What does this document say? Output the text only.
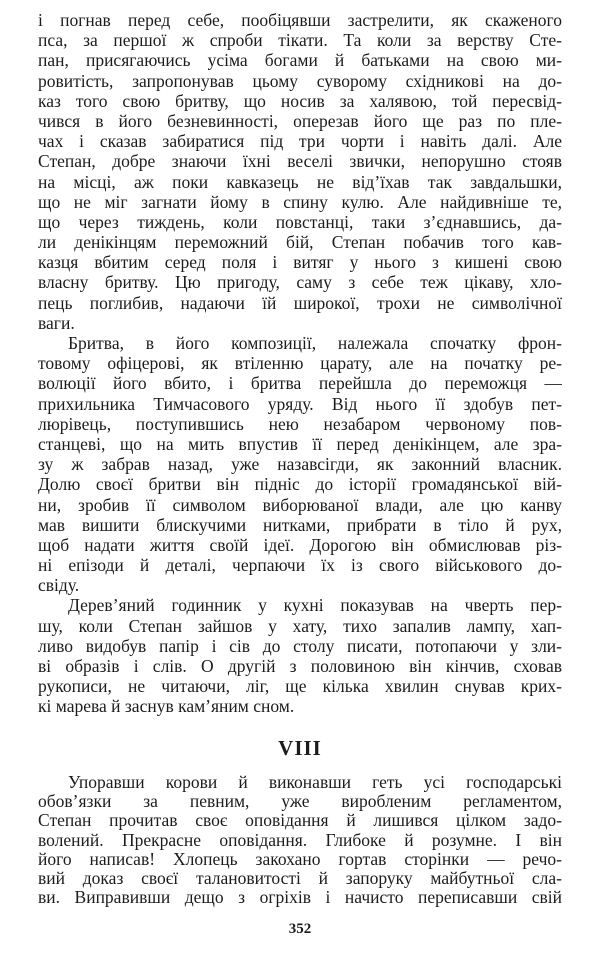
і погнав перед себе, пообіцявши застрелити, як скаженого
пса, за першої ж спроби тікати. Та коли за верству Сте-
пан, присягаючись усіма богами й батьками на свою ми-
ровитість, запропонував цьому суворому східникові на до-
каз того свою бритву, що носив за халявою, той пересвід-
чився в його безневинності, оперезав його ще раз по пле-
чах і сказав забиратися під три чорти і навіть далі. Але
Степан, добре знаючи їхні веселі звички, непорушно стояв
на місці, аж поки кавказець не від’їхав так завдальшки,
що не міг загнати йому в спину кулю. Але найдивніше те,
що через тиждень, коли повстанці, таки з’єднавшись, да-
ли денікінцям переможний бій, Степан побачив того кав-
казця вбитим серед поля і витяг у нього з кишені свою
власну бритву. Цю пригоду, саму з себе теж цікаву, хло-
пець поглибив, надаючи їй широкої, трохи не символічної
ваги.
Бритва, в його композиції, належала спочатку фрон-
товому офіцерові, як втіленню царату, але на початку ре-
волюції його вбито, і бритва перейшла до переможця —
прихильника Тимчасового уряду. Від нього її здобув пет-
люрівець, поступившись нею незабаром червоному пов-
станцеві, що на мить впустив її перед денікінцем, але зра-
зу ж забрав назад, уже назавсігди, як законний власник.
Долю своєї бритви він підніс до історії громадянської вій-
ни, зробив її символом виборюваної влади, але цю канву
мав вишити блискучими нитками, прибрати в тіло й рух,
щоб надати життя своїй ідеї. Дорогою він обмислював різ-
ні епізоди й деталі, черпаючи їх із свого військового до-
свіду.
Дерев’яний годинник у кухні показував на чверть пер-
шу, коли Степан зайшов у хату, тихо запалив лампу, хап-
ливо видобув папір і сів до столу писати, потопаючи у зли-
ві образів і слів. О другій з половиною він кінчив, сховав
рукописи, не читаючи, ліг, ще кілька хвилин снував крих-
кі марева й заснув кам’яним сном.
VIII
Упоравши корови й виконавши геть усі господарські
обов’язки за певним, уже виробленим регламентом,
Степан прочитав своє оповідання й лишився цілком задо-
волений. Прекрасне оповідання. Глибоке й розумне. І він
його написав! Хлопець закохано гортав сторінки — речо-
вий доказ своєї талановитості й запоруку майбутньої сла-
ви. Виправивши дещо з огріхів і начисто переписавши свій
352
